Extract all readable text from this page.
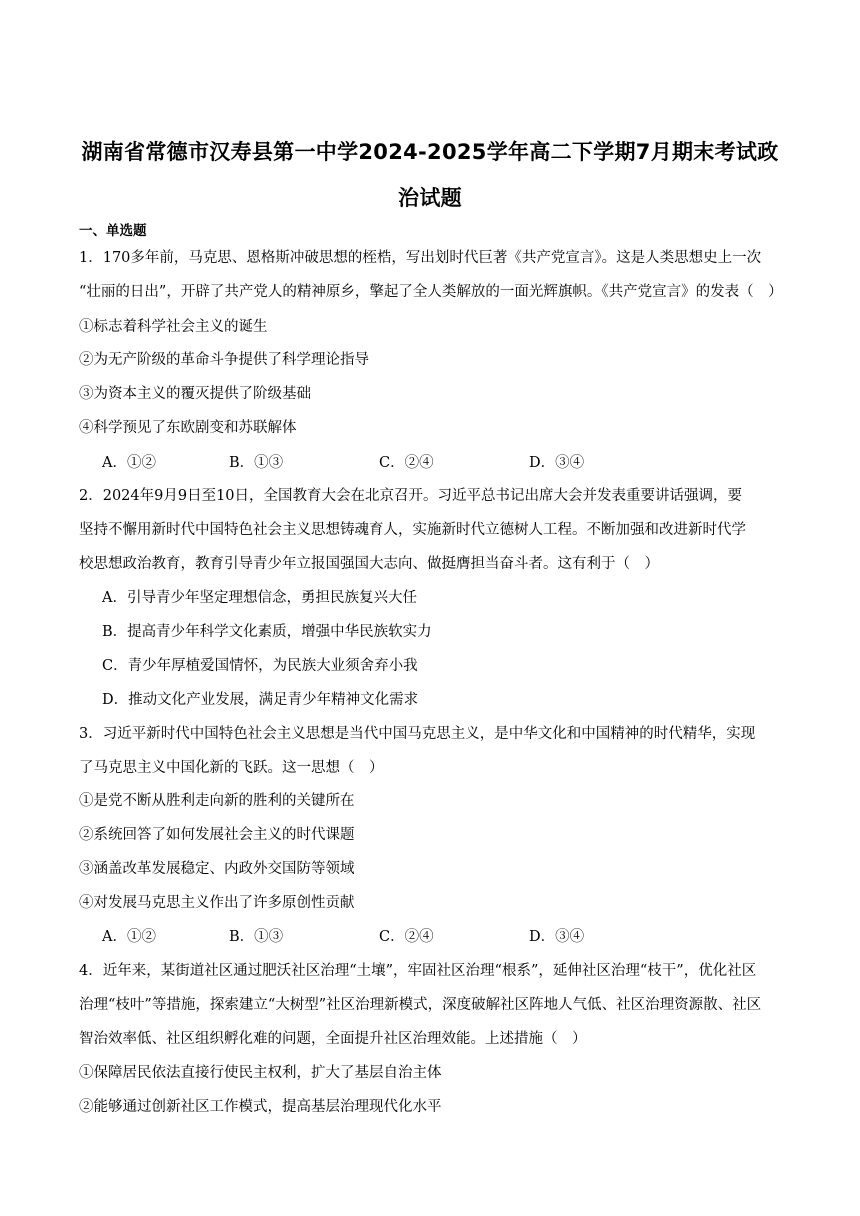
湖南省常德市汉寿县第一中学2024-2025学年高二下学期7月期末考试政
治试题
一、单选题
1．170多年前，马克思、恩格斯冲破思想的桎梏，写出划时代巨著《共产党宣言》。这是人类思想史上一次
“壮丽的日出”，开辟了共产党人的精神原乡，擎起了全人类解放的一面光辉旗帜。《共产党宣言》的发表（　）
①标志着科学社会主义的诞生
②为无产阶级的革命斗争提供了科学理论指导
③为资本主义的覆灭提供了阶级基础
④科学预见了东欧剧变和苏联解体
A．①②	B．①③	C．②④	D．③④
2．2024年9月9日至10日，全国教育大会在北京召开。习近平总书记出席大会并发表重要讲话强调，要
坚持不懈用新时代中国特色社会主义思想铸魂育人，实施新时代立德树人工程。不断加强和改进新时代学
校思想政治教育，教育引导青少年立报国强国大志向、做挺膺担当奋斗者。这有利于（　）
A．引导青少年坚定理想信念，勇担民族复兴大任
B．提高青少年科学文化素质，增强中华民族软实力
C．青少年厚植爱国情怀，为民族大业须舍弃小我
D．推动文化产业发展，满足青少年精神文化需求
3．习近平新时代中国特色社会主义思想是当代中国马克思主义，是中华文化和中国精神的时代精华，实现
了马克思主义中国化新的飞跃。这一思想（　）
①是党不断从胜利走向新的胜利的关键所在
②系统回答了如何发展社会主义的时代课题
③涵盖改革发展稳定、内政外交国防等领域
④对发展马克思主义作出了许多原创性贡献
A．①②	B．①③	C．②④	D．③④
4．近年来，某街道社区通过肥沃社区治理“土壤”，牢固社区治理“根系”，延伸社区治理“枝干”，优化社区
治理“枝叶”等措施，探索建立“大树型”社区治理新模式，深度破解社区阵地人气低、社区治理资源散、社区
智治效率低、社区组织孵化难的问题，全面提升社区治理效能。上述措施（　）
①保障居民依法直接行使民主权利，扩大了基层自治主体
②能够通过创新社区工作模式，提高基层治理现代化水平
